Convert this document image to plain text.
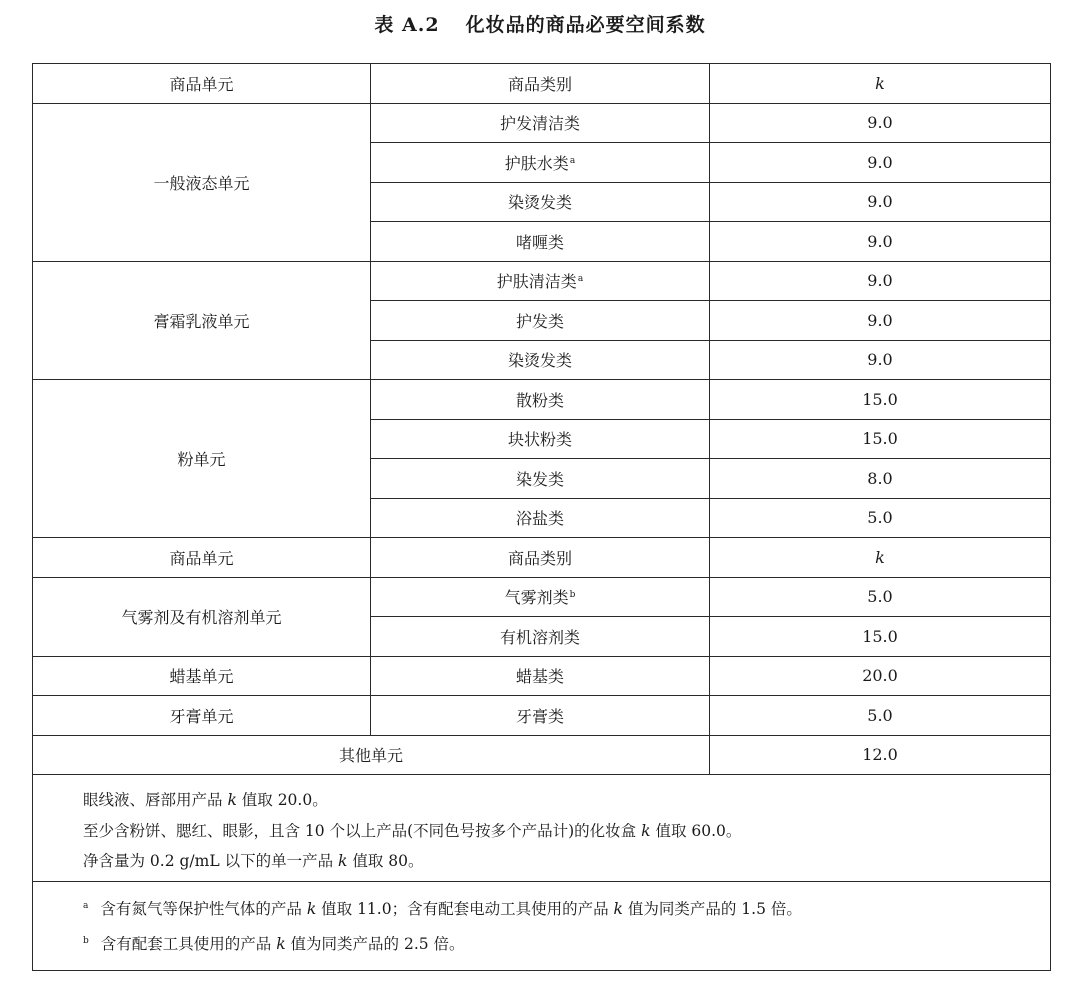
表 A.2 化妆品的商品必要空间系数
商品单元	商品类别	k
一般液态单元	护发清洁类	9.0
	护肤水类$^a$	9.0
	染烫发类	9.0
	啫喱类	9.0
膏霜乳液单元	护肤清洁类$^a$	9.0
	护发类	9.0
	染烫发类	9.0
粉单元	散粉类	15.0
	块状粉类	15.0
	染发类	8.0
	浴盐类	5.0
商品单元	商品类别	k
气雾剂及有机溶剂单元	气雾剂类$^b$	5.0
	有机溶剂类	15.0
蜡基单元	蜡基类	20.0
牙膏单元	牙膏类	5.0
其他单元		12.0

眼线液、唇部用产品 k 值取 20.0。
至少含粉饼、腮红、眼影，且含 10 个以上产品(不同色号按多个产品计)的化妆盒 k 值取 60.0。
净含量为 0.2 g/mL 以下的单一产品 k 值取 80。		

$^a$ 含有氮气等保护性气体的产品 k 值取 11.0；含有配套电动工具使用的产品 k 值为同类产品的 1.5 倍。
$^b$ 含有配套工具使用的产品 k 值为同类产品的 2.5 倍。		
